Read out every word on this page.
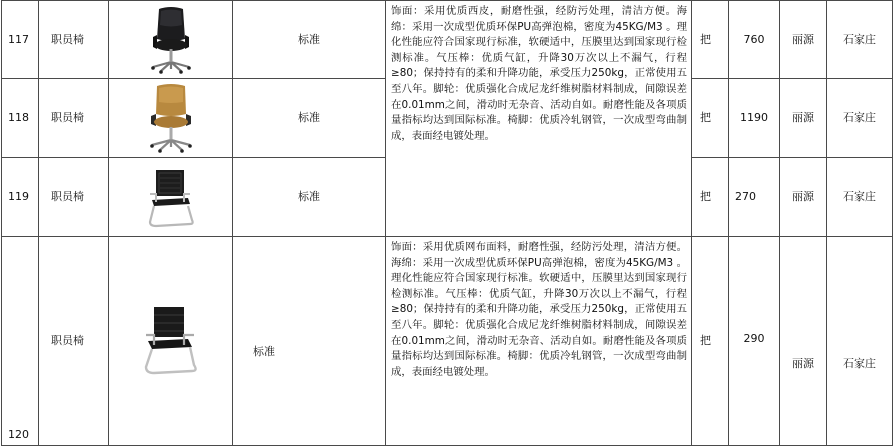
117	职员椅		标准	饰面：采用优质西皮，耐磨性强，经防污处理，清洁方便。海绵：采用一次成型优质环保PU高弹泡棉，密度为45KG/M3 。理化性能应符合国家现行标准，软硬适中，压膜里达到国家现行检测标准。气压棒：优质气缸，升降30万次以上不漏气，行程≥80；保持持有的柔和升降功能，承受压力250kg，正常使用五至八年。脚轮：优质强化合成尼龙纤维树脂材料制成，间隙误差在0.01mm之间，滑动时无杂音、活动自如。耐磨性能及各项质量指标均达到国际标准。椅脚：优质冷轧钢管，一次成型弯曲制成，表面经电镀处理。	把	760	丽源	石家庄
118	职员椅		标准		把	1190	丽源	石家庄
119	职员椅		标准		把	270	丽源	石家庄
120	职员椅		标准	饰面：采用优质网布面料，耐磨性强，经防污处理，清洁方便。海绵：采用一次成型优质环保PU高弹泡棉，密度为45KG/M3 。理化性能应符合国家现行标准。软硬适中，压膜里达到国家现行检测标准。气压棒：优质气缸，升降30万次以上不漏气，行程≥80；保持持有的柔和升降功能，承受压力250kg，正常使用五至八年。脚轮：优质强化合成尼龙纤维树脂材料制成，间隙误差在0.01mm之间，滑动时无杂音、活动自如。耐磨性能及各项质量指标均达到国际标准。椅脚：优质冷轧钢管，一次成型弯曲制成，表面经电镀处理。	把	290	丽源	石家庄
